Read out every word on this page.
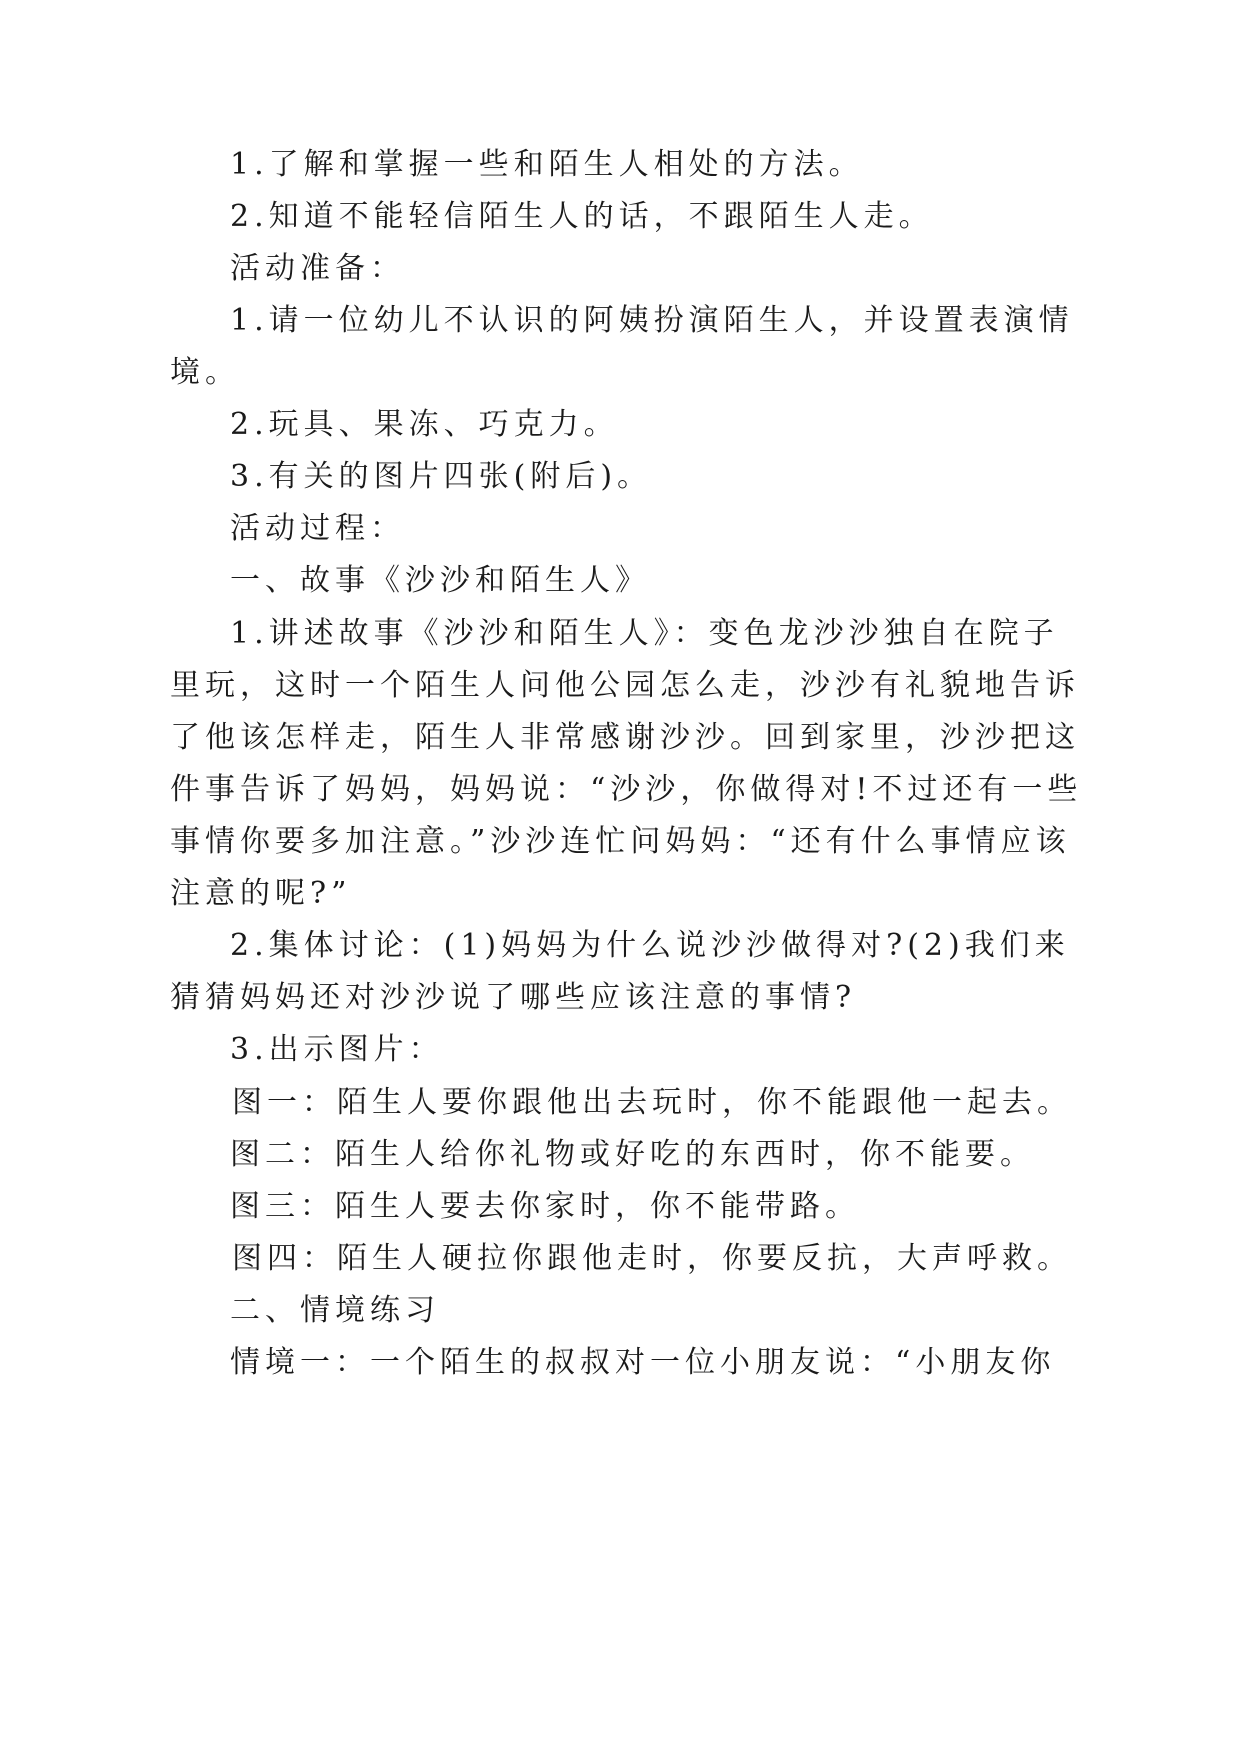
1.了解和掌握一些和陌生人相处的方法。
2.知道不能轻信陌生人的话，不跟陌生人走。
活动准备：
1.请一位幼儿不认识的阿姨扮演陌生人，并设置表演情
境。
2.玩具、果冻、巧克力。
3.有关的图片四张(附后)。
活动过程：
一、故事《沙沙和陌生人》
1.讲述故事《沙沙和陌生人》：变色龙沙沙独自在院子
里玩，这时一个陌生人问他公园怎么走，沙沙有礼貌地告诉
了他该怎样走，陌生人非常感谢沙沙。回到家里，沙沙把这
件事告诉了妈妈，妈妈说：“沙沙，你做得对!不过还有一些
事情你要多加注意。”沙沙连忙问妈妈：“还有什么事情应该
注意的呢?”
2.集体讨论：(1)妈妈为什么说沙沙做得对?(2)我们来
猜猜妈妈还对沙沙说了哪些应该注意的事情?
3.出示图片：
图一：陌生人要你跟他出去玩时，你不能跟他一起去。
图二：陌生人给你礼物或好吃的东西时，你不能要。
图三：陌生人要去你家时，你不能带路。
图四：陌生人硬拉你跟他走时，你要反抗，大声呼救。
二、情境练习
情境一：一个陌生的叔叔对一位小朋友说：“小朋友你
